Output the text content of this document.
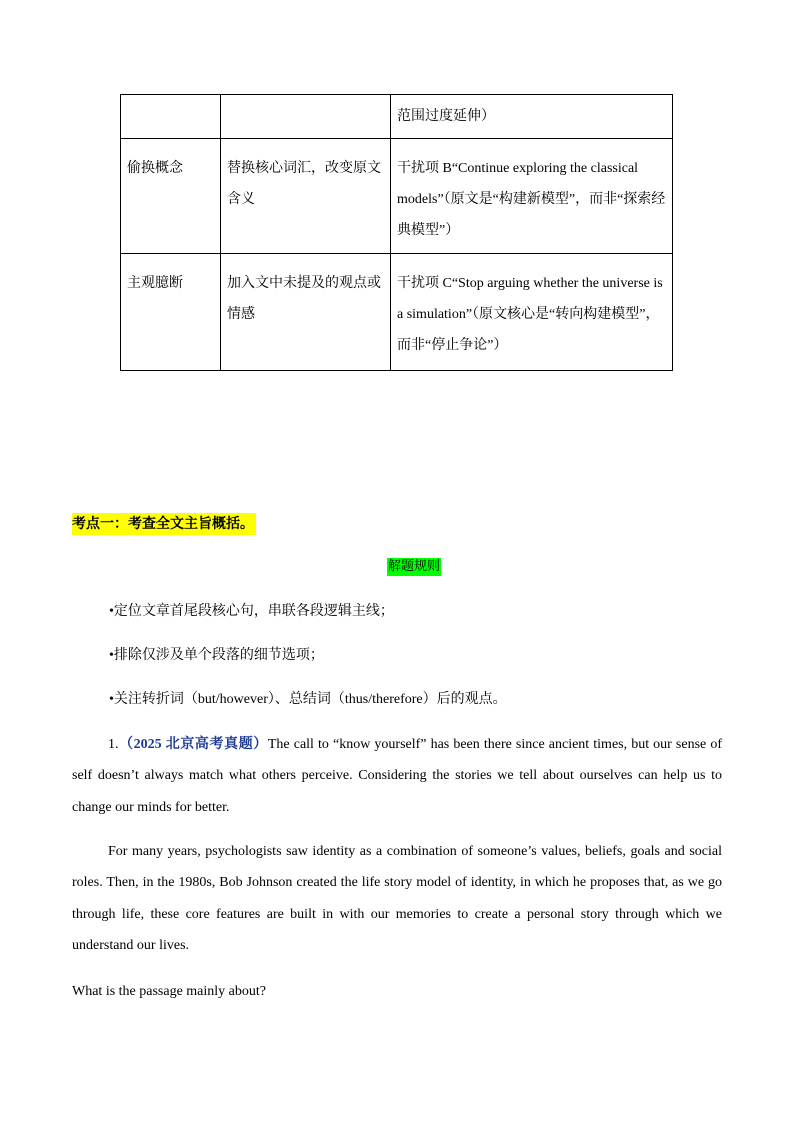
		范围过度延伸）
偷换概念	替换核心词汇，改变原文含义	干扰项 B“Continue exploring the classical models”（原文是“构建新模型”，而非“探索经典模型”）
主观臆断	加入文中未提及的观点或情感	干扰项 C“Stop arguing whether the universe is a simulation”（原文核心是“转向构建模型”，而非“停止争论”）
考点一：考查全文主旨概括。
解题规则
•定位文章首尾段核心句，串联各段逻辑主线；
•排除仅涉及单个段落的细节选项；
•关注转折词（but/however）、总结词（thus/therefore）后的观点。
1.（2025 北京高考真题）The call to “know yourself” has been there since ancient times, but our sense of self doesn’t always match what others perceive. Considering the stories we tell about ourselves can help us to change our minds for better.
For many years, psychologists saw identity as a combination of someone’s values, beliefs, goals and social roles. Then, in the 1980s, Bob Johnson created the life story model of identity, in which he proposes that, as we go through life, these core features are built in with our memories to create a personal story through which we understand our lives.
What is the passage mainly about?
